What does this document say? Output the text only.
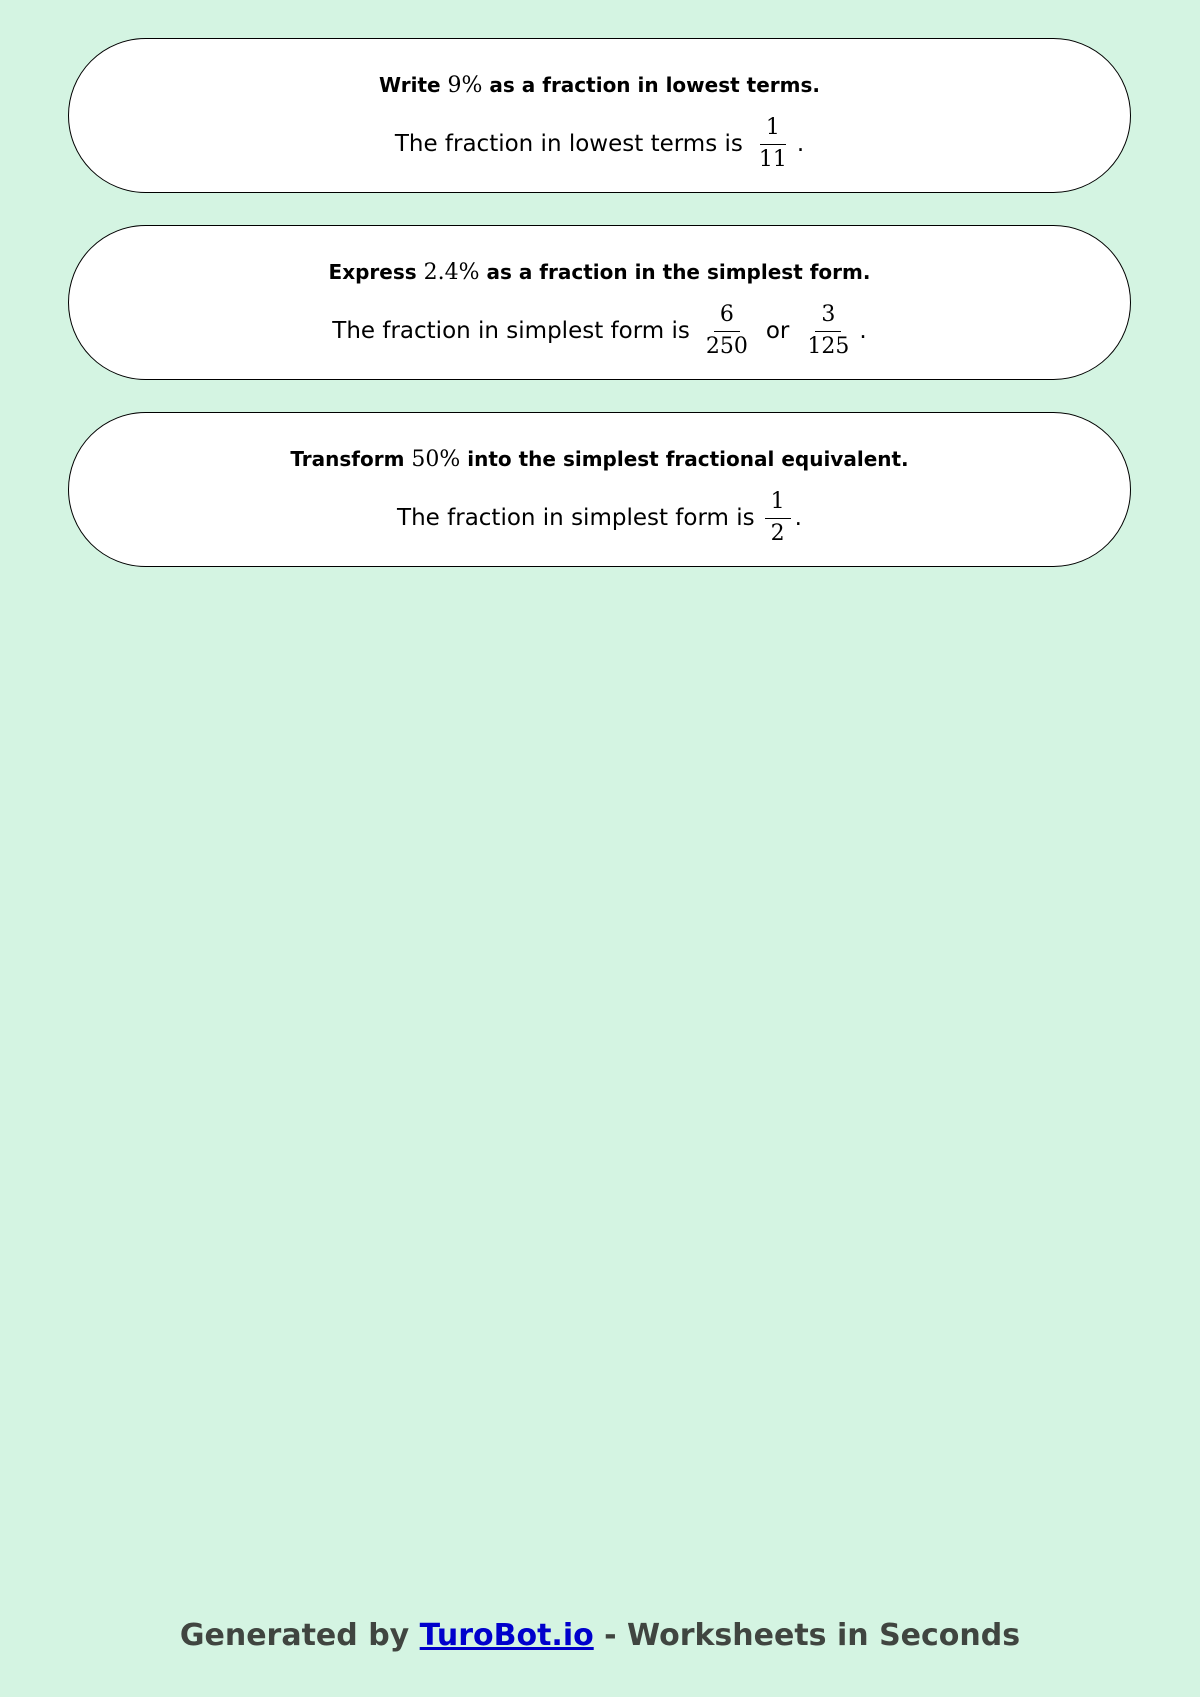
Write 9% as a fraction in lowest terms.
The fraction in lowest terms is $\frac{1}{11}$ .
Express 2.4% as a fraction in the simplest form.
The fraction in simplest form is $\frac{6}{250}$ or $\frac{3}{125}$ .
Transform 50% into the simplest fractional equivalent.
The fraction in simplest form is $\frac{1}{2}$ .
Generated by TuroBot.io - Worksheets in Seconds
